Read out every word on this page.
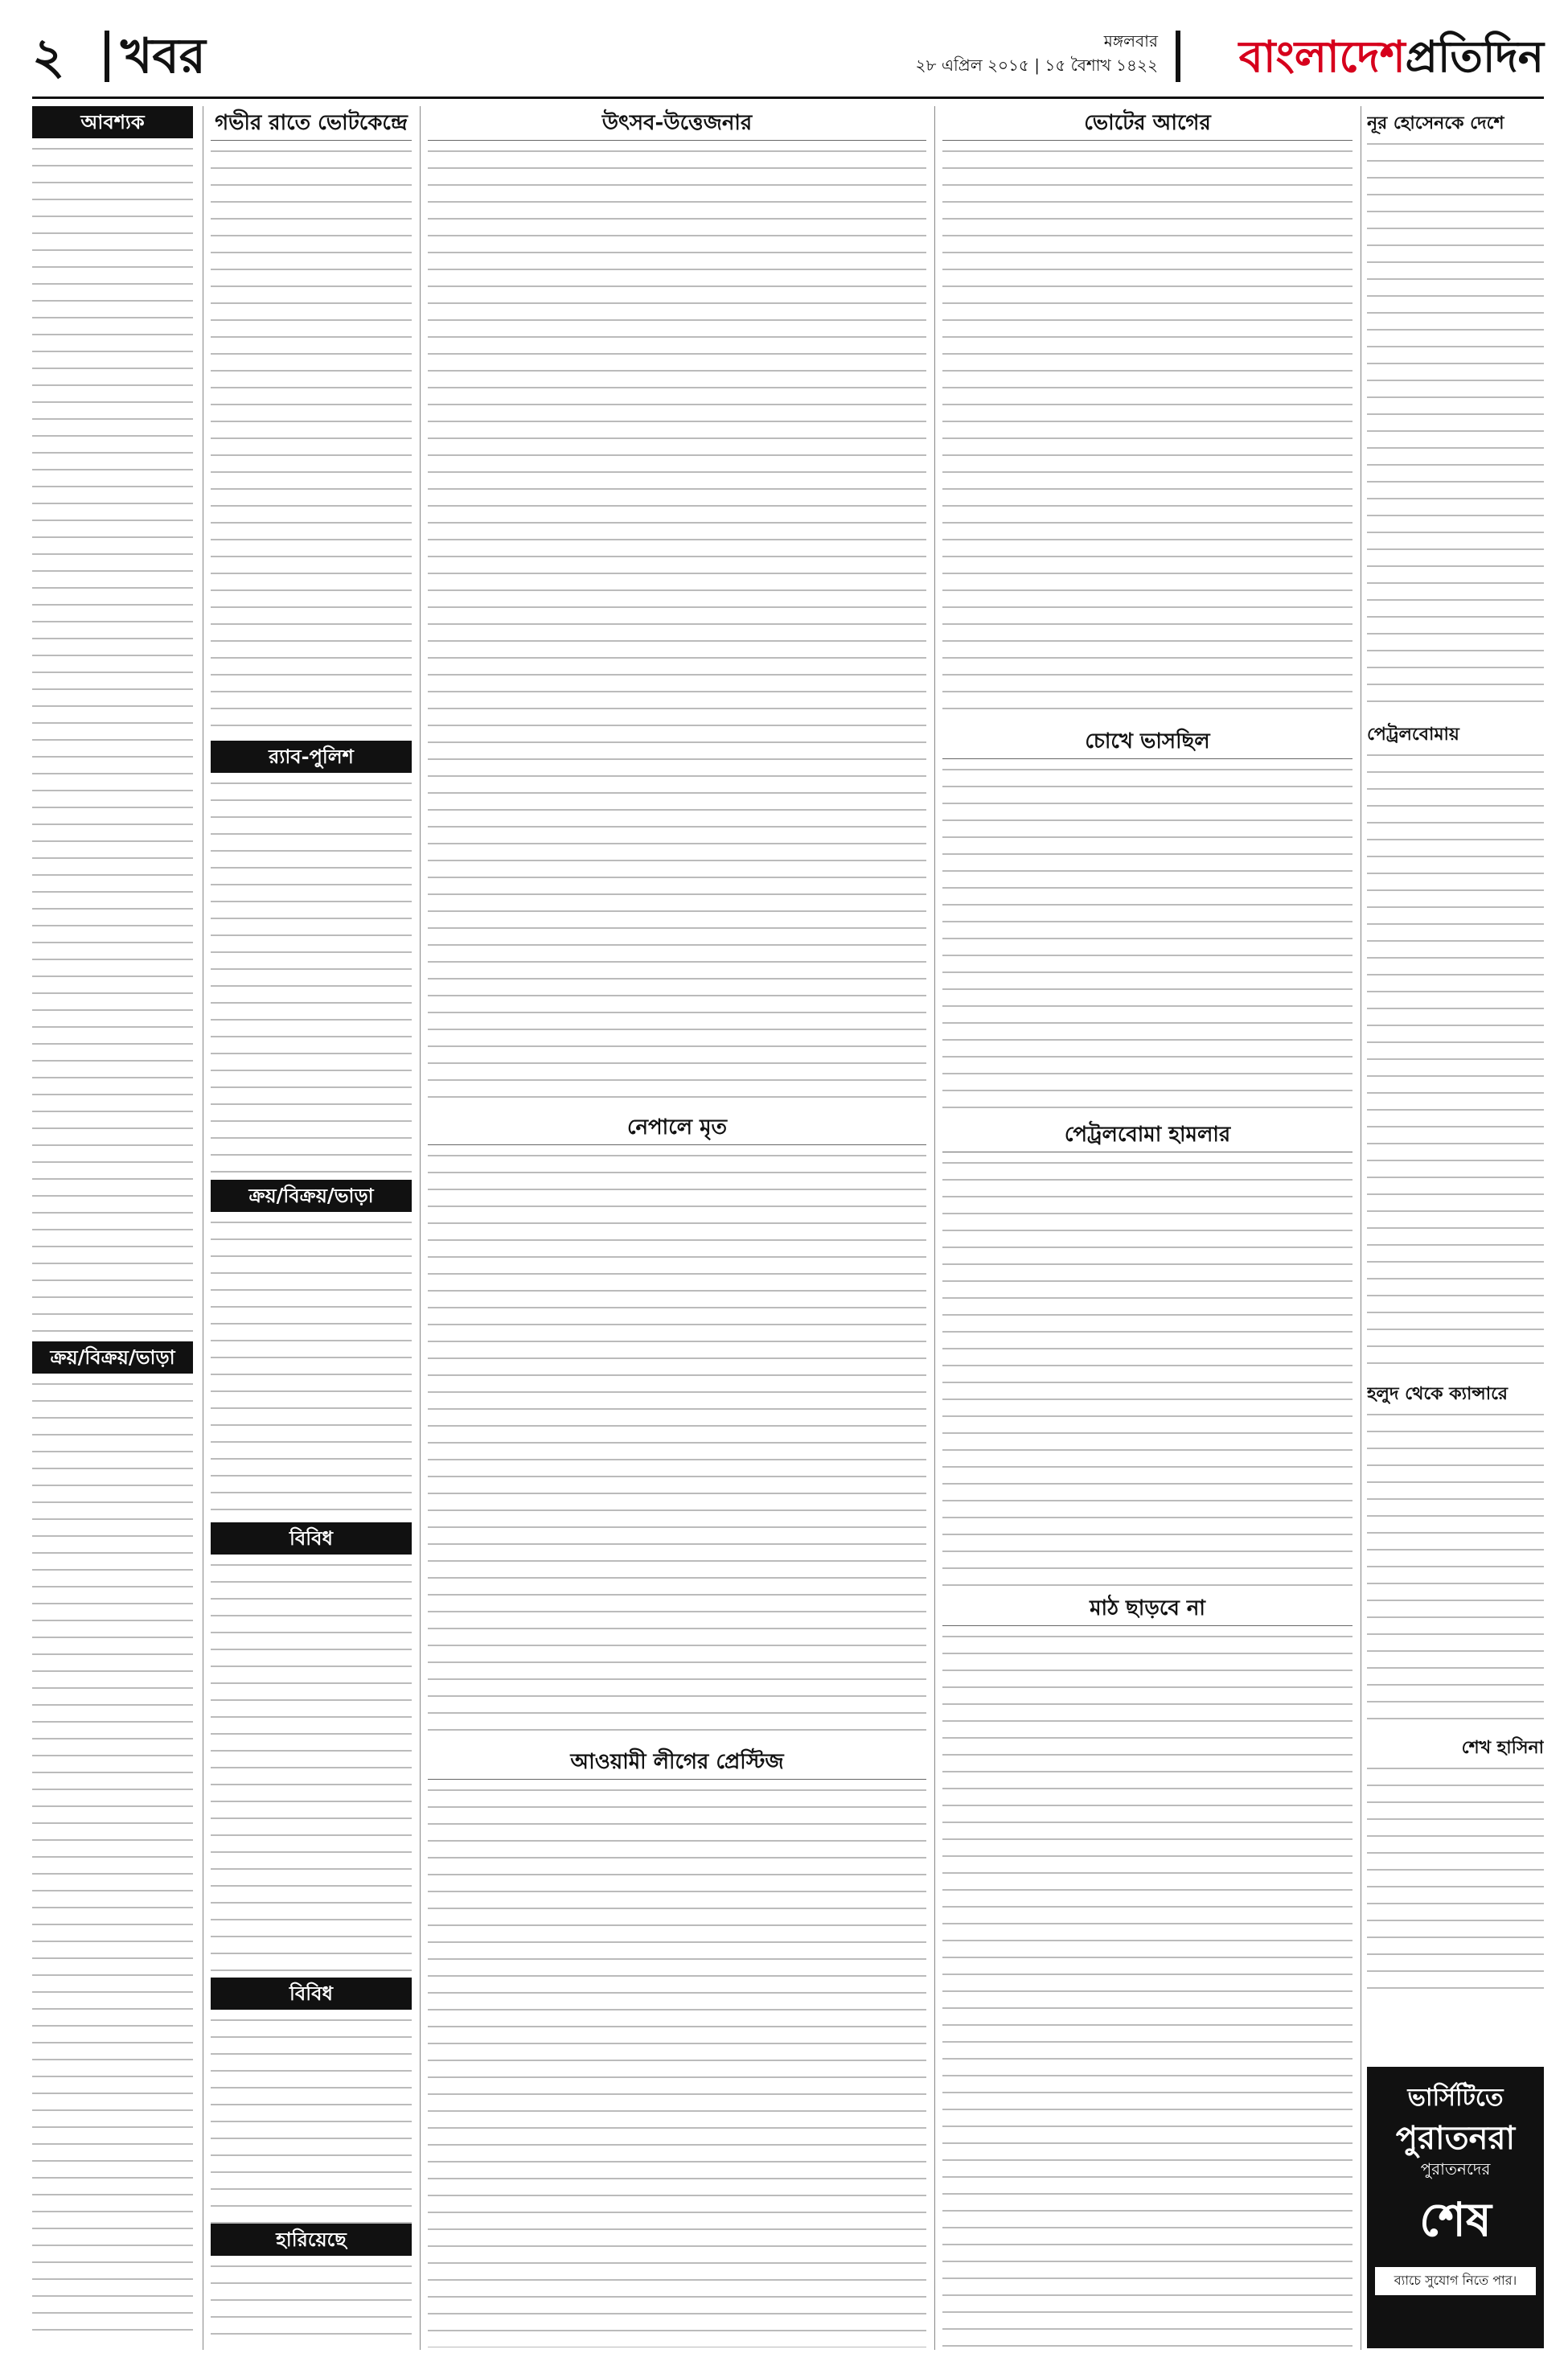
২ খবর	মঙ্গলবার
২৮ এপ্রিল ২০১৫ | ১৫ বৈশাখ ১৪২২ বাংলাদেশপ্রতিদিন
আবশ্যক
ক্রয়/বিক্রয়/ভাড়া
গভীর রাতে ভোটকেন্দ্রে
র‍্যাব-পুলিশ
ক্রয়/বিক্রয়/ভাড়া
বিবিধ
বিবিধ
হারিয়েছে
উৎসব-উত্তেজনার
নেপালে মৃত
আওয়ামী লীগের প্রেস্টিজ
ভোটের আগের
চোখে ভাসছিল
পেট্রলবোমা হামলার
মাঠ ছাড়বে না
নূর হোসেনকে দেশে
পেট্রলবোমায়
হলুদ থেকে ক্যান্সারে
শেখ হাসিনা
ভার্সিটিতে
পুরাতনরা
পুরাতনদের
শেষ
ব্যাচে সুযোগ নিতে পার।
